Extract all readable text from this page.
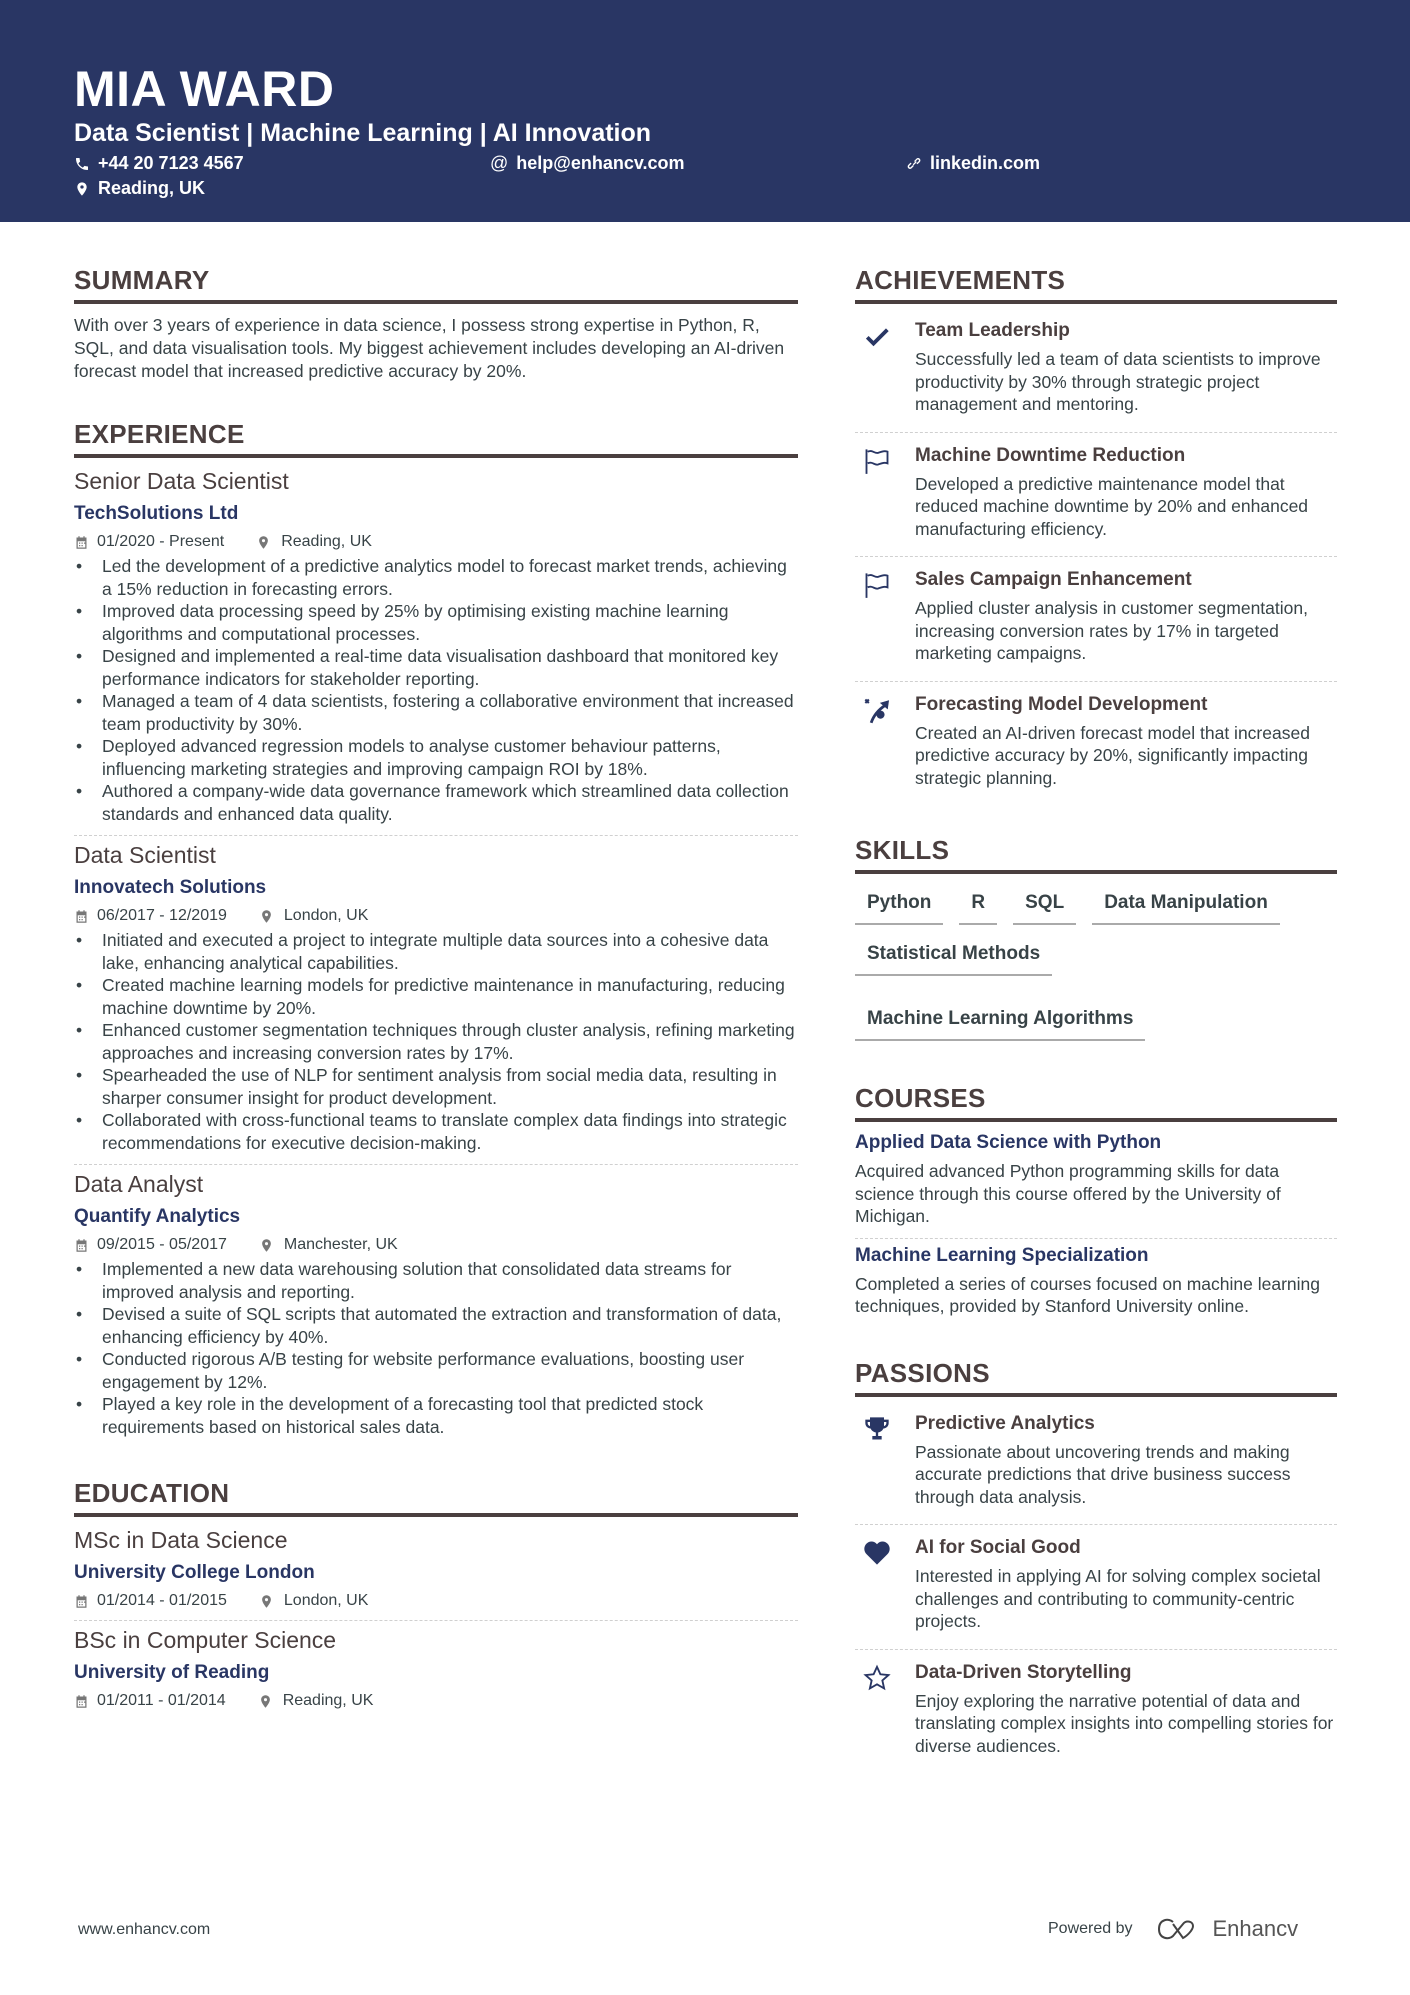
MIA WARD
Data Scientist | Machine Learning | AI Innovation
+44 20 7123 4567	@ help@enhancv.com	linkedin.com
Reading, UK
SUMMARY
With over 3 years of experience in data science, I possess strong expertise in Python, R, SQL, and data visualisation tools. My biggest achievement includes developing an AI-driven forecast model that increased predictive accuracy by 20%.
EXPERIENCE
Senior Data Scientist
TechSolutions Ltd
01/2020 - Present	Reading, UK
• Led the development of a predictive analytics model to forecast market trends, achieving a 15% reduction in forecasting errors.
• Improved data processing speed by 25% by optimising existing machine learning algorithms and computational processes.
• Designed and implemented a real-time data visualisation dashboard that monitored key performance indicators for stakeholder reporting.
• Managed a team of 4 data scientists, fostering a collaborative environment that increased team productivity by 30%.
• Deployed advanced regression models to analyse customer behaviour patterns, influencing marketing strategies and improving campaign ROI by 18%.
• Authored a company-wide data governance framework which streamlined data collection standards and enhanced data quality.
Data Scientist
Innovatech Solutions
06/2017 - 12/2019	London, UK
• Initiated and executed a project to integrate multiple data sources into a cohesive data lake, enhancing analytical capabilities.
• Created machine learning models for predictive maintenance in manufacturing, reducing machine downtime by 20%.
• Enhanced customer segmentation techniques through cluster analysis, refining marketing approaches and increasing conversion rates by 17%.
• Spearheaded the use of NLP for sentiment analysis from social media data, resulting in sharper consumer insight for product development.
• Collaborated with cross-functional teams to translate complex data findings into strategic recommendations for executive decision-making.
Data Analyst
Quantify Analytics
09/2015 - 05/2017	Manchester, UK
• Implemented a new data warehousing solution that consolidated data streams for improved analysis and reporting.
• Devised a suite of SQL scripts that automated the extraction and transformation of data, enhancing efficiency by 40%.
• Conducted rigorous A/B testing for website performance evaluations, boosting user engagement by 12%.
• Played a key role in the development of a forecasting tool that predicted stock requirements based on historical sales data.
EDUCATION
MSc in Data Science
University College London
01/2014 - 01/2015	London, UK
BSc in Computer Science
University of Reading
01/2011 - 01/2014	Reading, UK
ACHIEVEMENTS
Team Leadership
Successfully led a team of data scientists to improve productivity by 30% through strategic project management and mentoring.
Machine Downtime Reduction
Developed a predictive maintenance model that reduced machine downtime by 20% and enhanced manufacturing efficiency.
Sales Campaign Enhancement
Applied cluster analysis in customer segmentation, increasing conversion rates by 17% in targeted marketing campaigns.
Forecasting Model Development
Created an AI-driven forecast model that increased predictive accuracy by 20%, significantly impacting strategic planning.
SKILLS
Python	R	SQL	Data Manipulation
Statistical Methods
Machine Learning Algorithms
COURSES
Applied Data Science with Python
Acquired advanced Python programming skills for data science through this course offered by the University of Michigan.
Machine Learning Specialization
Completed a series of courses focused on machine learning techniques, provided by Stanford University online.
PASSIONS
Predictive Analytics
Passionate about uncovering trends and making accurate predictions that drive business success through data analysis.
AI for Social Good
Interested in applying AI for solving complex societal challenges and contributing to community-centric projects.
Data-Driven Storytelling
Enjoy exploring the narrative potential of data and translating complex insights into compelling stories for diverse audiences.
www.enhancv.com	Powered by	Enhancv
